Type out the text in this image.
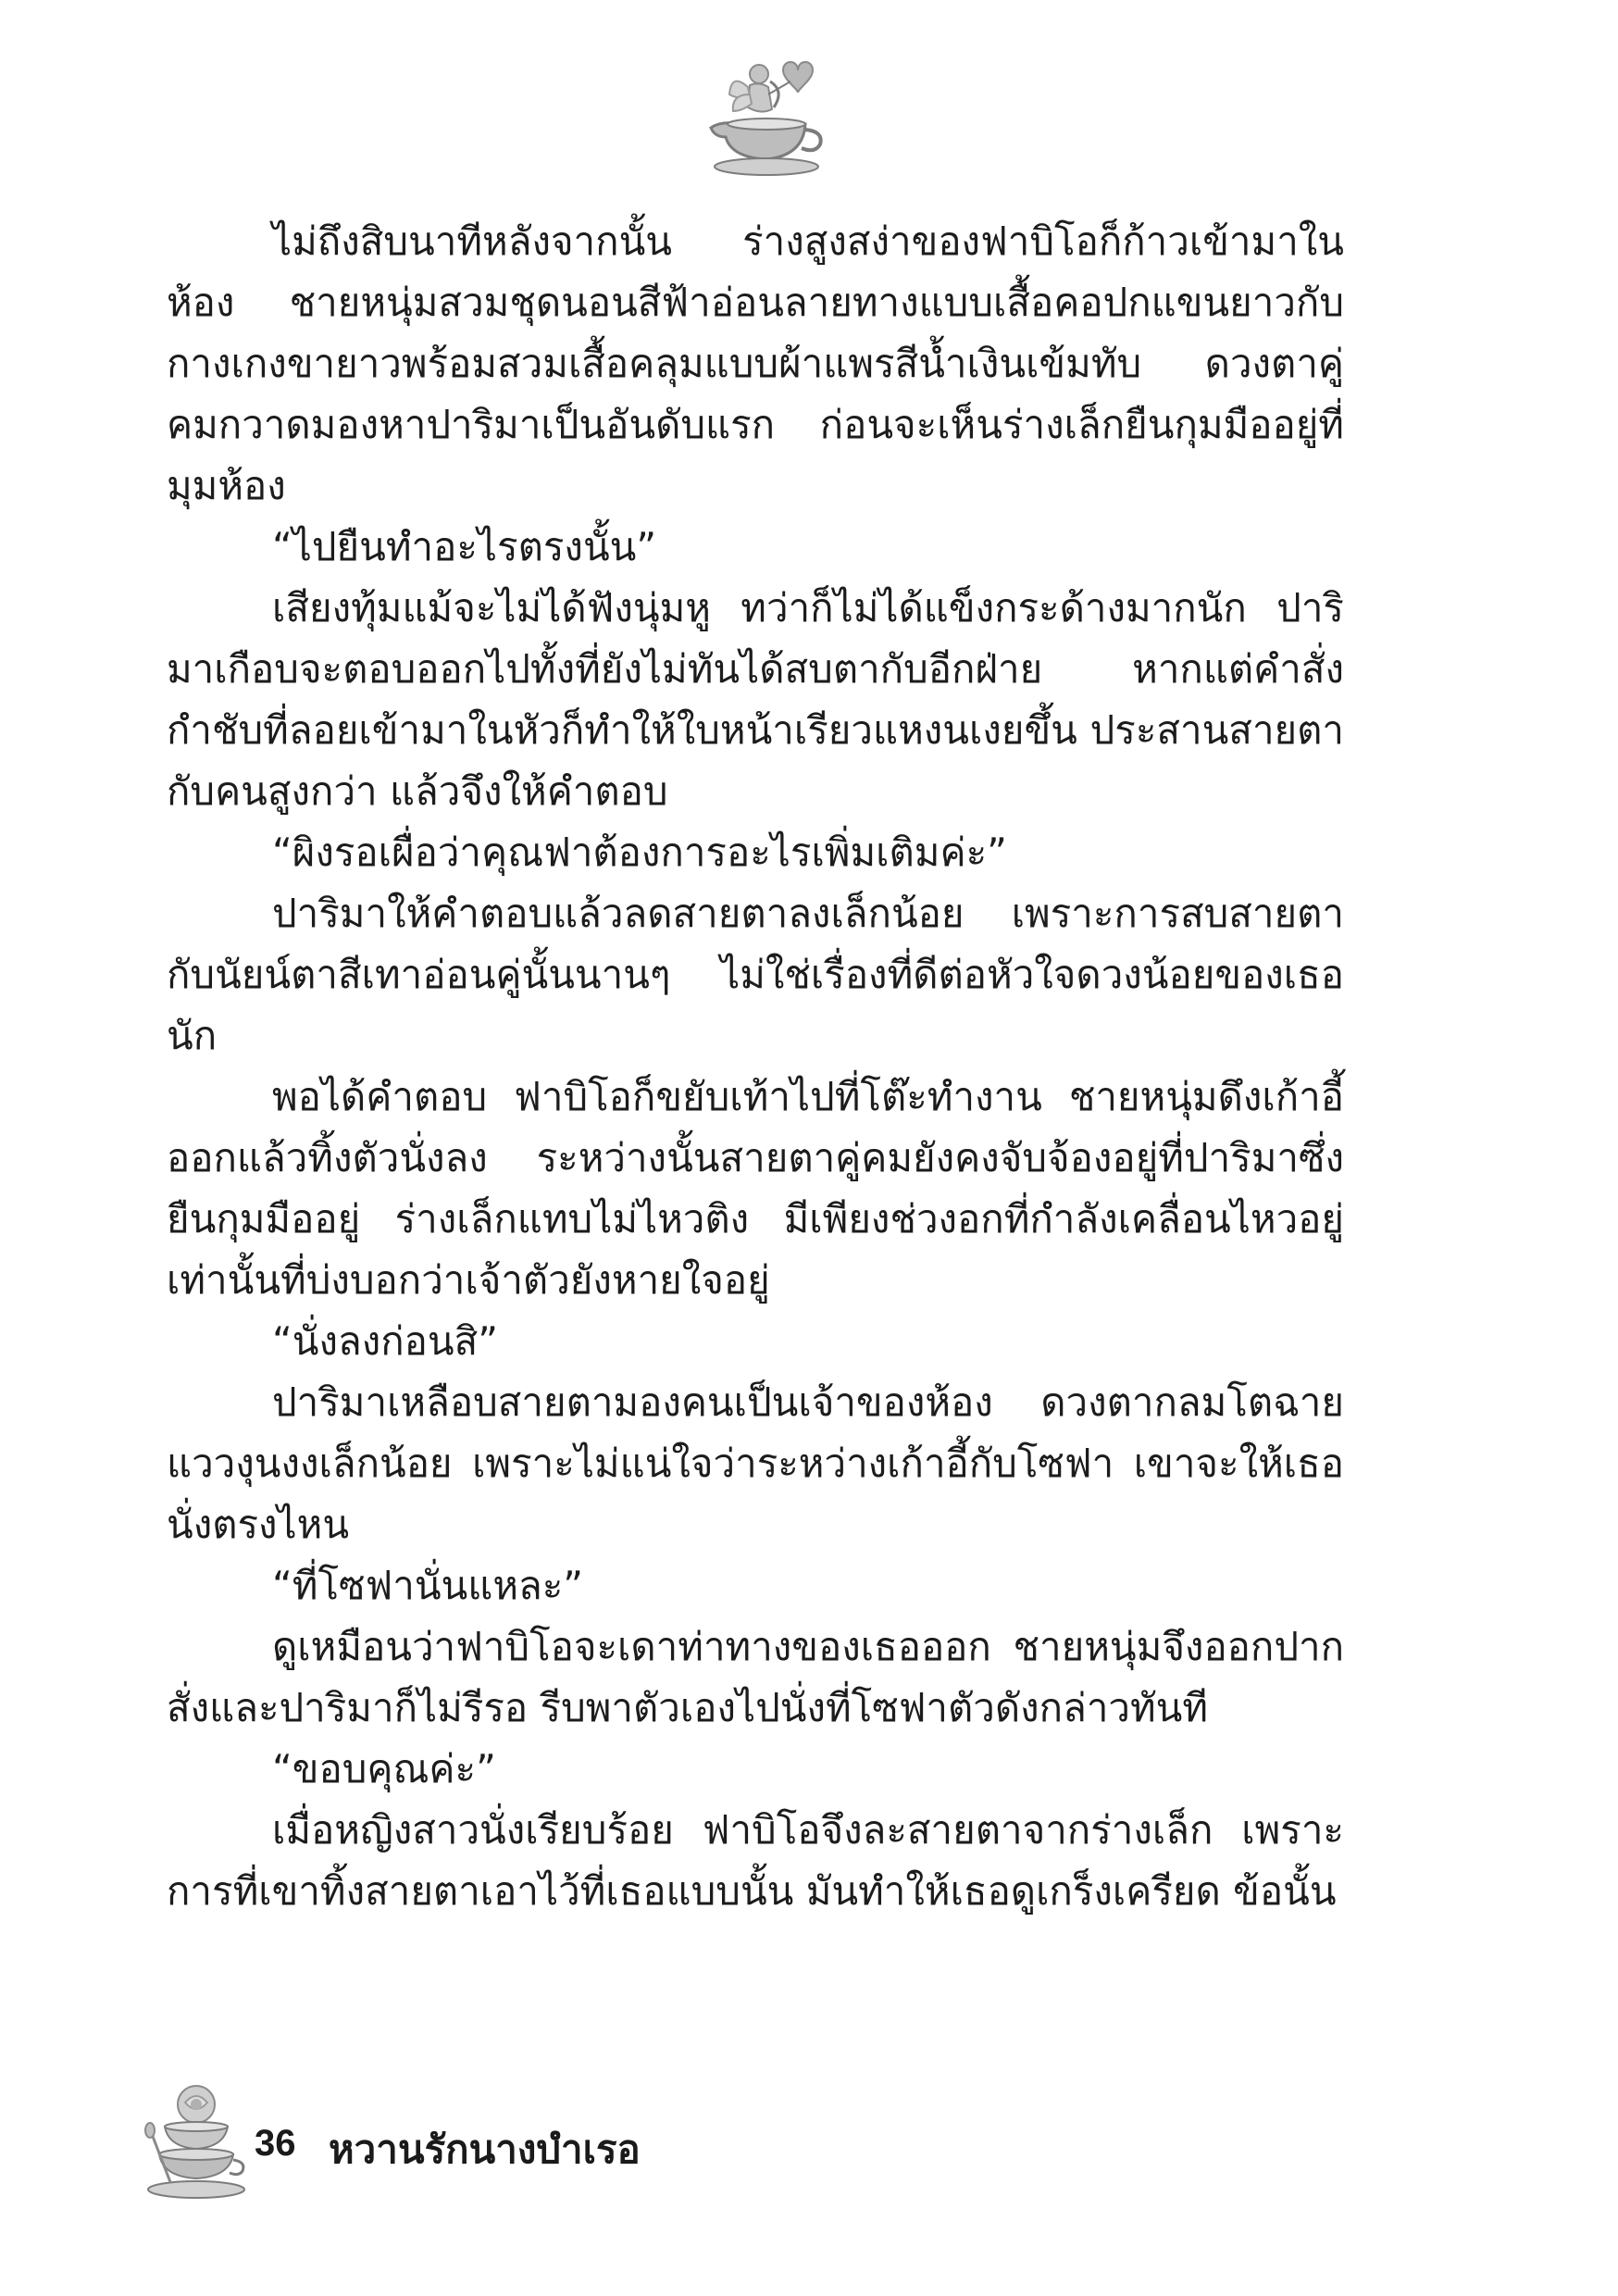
ไม่ถึงสิบนาทีหลังจากนั้น ร่างสูงสง่าของฟาบิโอก็ก้าวเข้ามาในห้อง ชายหนุ่มสวมชุดนอนสีฟ้าอ่อนลายทางแบบเสื้อคอปกแขนยาวกับกางเกงขายาวพร้อมสวมเสื้อคลุมแบบผ้าแพรสีน้ำเงินเข้มทับ ดวงตาคู่คมกวาดมองหาปาริมาเป็นอันดับแรก ก่อนจะเห็นร่างเล็กยืนกุมมืออยู่ที่มุมห้อง

“ไปยืนทำอะไรตรงนั้น”

เสียงทุ้มแม้จะไม่ได้ฟังนุ่มหู ทว่าก็ไม่ได้แข็งกระด้างมากนัก ปาริมาเกือบจะตอบออกไปทั้งที่ยังไม่ทันได้สบตากับอีกฝ่าย หากแต่คำสั่งกำชับที่ลอยเข้ามาในหัวก็ทำให้ใบหน้าเรียวแหงนเงยขึ้น ประสานสายตากับคนสูงกว่า แล้วจึงให้คำตอบ

“ผิงรอเผื่อว่าคุณฟาต้องการอะไรเพิ่มเติมค่ะ”

ปาริมาให้คำตอบแล้วลดสายตาลงเล็กน้อย เพราะการสบสายตากับนัยน์ตาสีเทาอ่อนคู่นั้นนานๆ ไม่ใช่เรื่องที่ดีต่อหัวใจดวงน้อยของเธอนัก

พอได้คำตอบ ฟาบิโอก็ขยับเท้าไปที่โต๊ะทำงาน ชายหนุ่มดึงเก้าอี้ออกแล้วทิ้งตัวนั่งลง ระหว่างนั้นสายตาคู่คมยังคงจับจ้องอยู่ที่ปาริมาซึ่งยืนกุมมืออยู่ ร่างเล็กแทบไม่ไหวติง มีเพียงช่วงอกที่กำลังเคลื่อนไหวอยู่เท่านั้นที่บ่งบอกว่าเจ้าตัวยังหายใจอยู่

“นั่งลงก่อนสิ”

ปาริมาเหลือบสายตามองคนเป็นเจ้าของห้อง ดวงตากลมโตฉายแววงุนงงเล็กน้อย เพราะไม่แน่ใจว่าระหว่างเก้าอี้กับโซฟา เขาจะให้เธอนั่งตรงไหน

“ที่โซฟานั่นแหละ”

ดูเหมือนว่าฟาบิโอจะเดาท่าทางของเธอออก ชายหนุ่มจึงออกปากสั่งและปาริมาก็ไม่รีรอ รีบพาตัวเองไปนั่งที่โซฟาตัวดังกล่าวทันที

“ขอบคุณค่ะ”

เมื่อหญิงสาวนั่งเรียบร้อย ฟาบิโอจึงละสายตาจากร่างเล็ก เพราะการที่เขาทิ้งสายตาเอาไว้ที่เธอแบบนั้น มันทำให้เธอดูเกร็งเครียด ข้อนั้น

36 หวานรักนางบำเรอ
